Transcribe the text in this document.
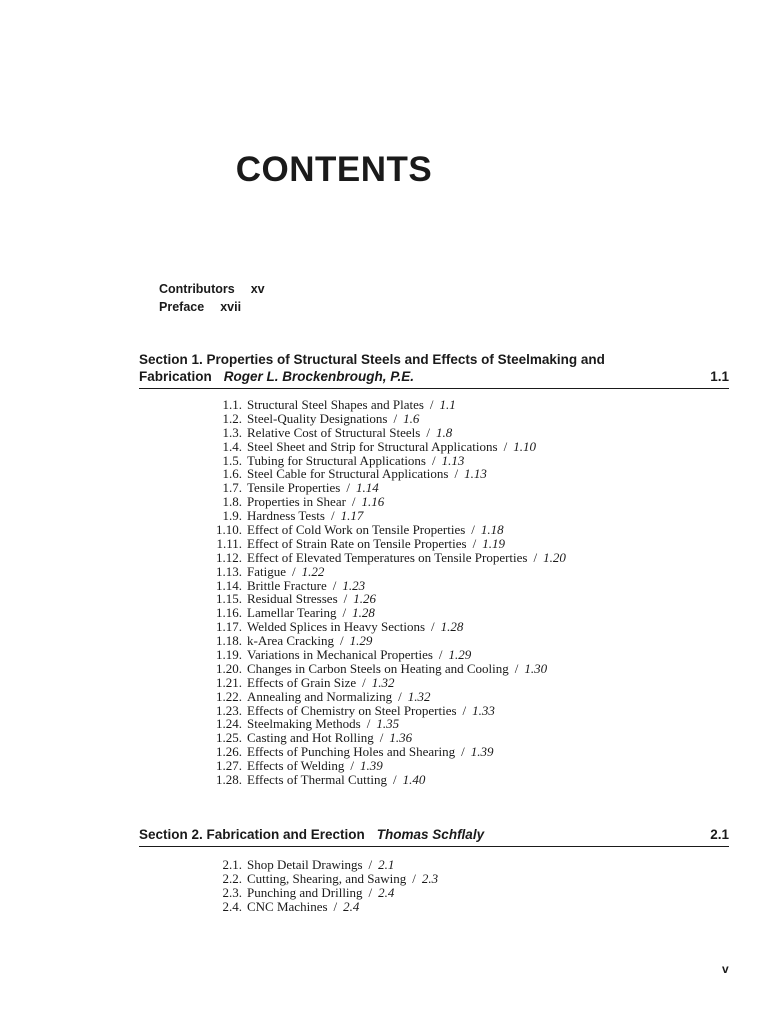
CONTENTS
Contributors xv
Preface xvii
Section 1. Properties of Structural Steels and Effects of Steelmaking and
Fabrication Roger L. Brockenbrough, P.E.	1.1
1.1. Structural Steel Shapes and Plates / 1.1
1.2. Steel-Quality Designations / 1.6
1.3. Relative Cost of Structural Steels / 1.8
1.4. Steel Sheet and Strip for Structural Applications / 1.10
1.5. Tubing for Structural Applications / 1.13
1.6. Steel Cable for Structural Applications / 1.13
1.7. Tensile Properties / 1.14
1.8. Properties in Shear / 1.16
1.9. Hardness Tests / 1.17
1.10. Effect of Cold Work on Tensile Properties / 1.18
1.11. Effect of Strain Rate on Tensile Properties / 1.19
1.12. Effect of Elevated Temperatures on Tensile Properties / 1.20
1.13. Fatigue / 1.22
1.14. Brittle Fracture / 1.23
1.15. Residual Stresses / 1.26
1.16. Lamellar Tearing / 1.28
1.17. Welded Splices in Heavy Sections / 1.28
1.18. k-Area Cracking / 1.29
1.19. Variations in Mechanical Properties / 1.29
1.20. Changes in Carbon Steels on Heating and Cooling / 1.30
1.21. Effects of Grain Size / 1.32
1.22. Annealing and Normalizing / 1.32
1.23. Effects of Chemistry on Steel Properties / 1.33
1.24. Steelmaking Methods / 1.35
1.25. Casting and Hot Rolling / 1.36
1.26. Effects of Punching Holes and Shearing / 1.39
1.27. Effects of Welding / 1.39
1.28. Effects of Thermal Cutting / 1.40
Section 2. Fabrication and Erection Thomas Schflaly	2.1
2.1. Shop Detail Drawings / 2.1
2.2. Cutting, Shearing, and Sawing / 2.3
2.3. Punching and Drilling / 2.4
2.4. CNC Machines / 2.4
v
